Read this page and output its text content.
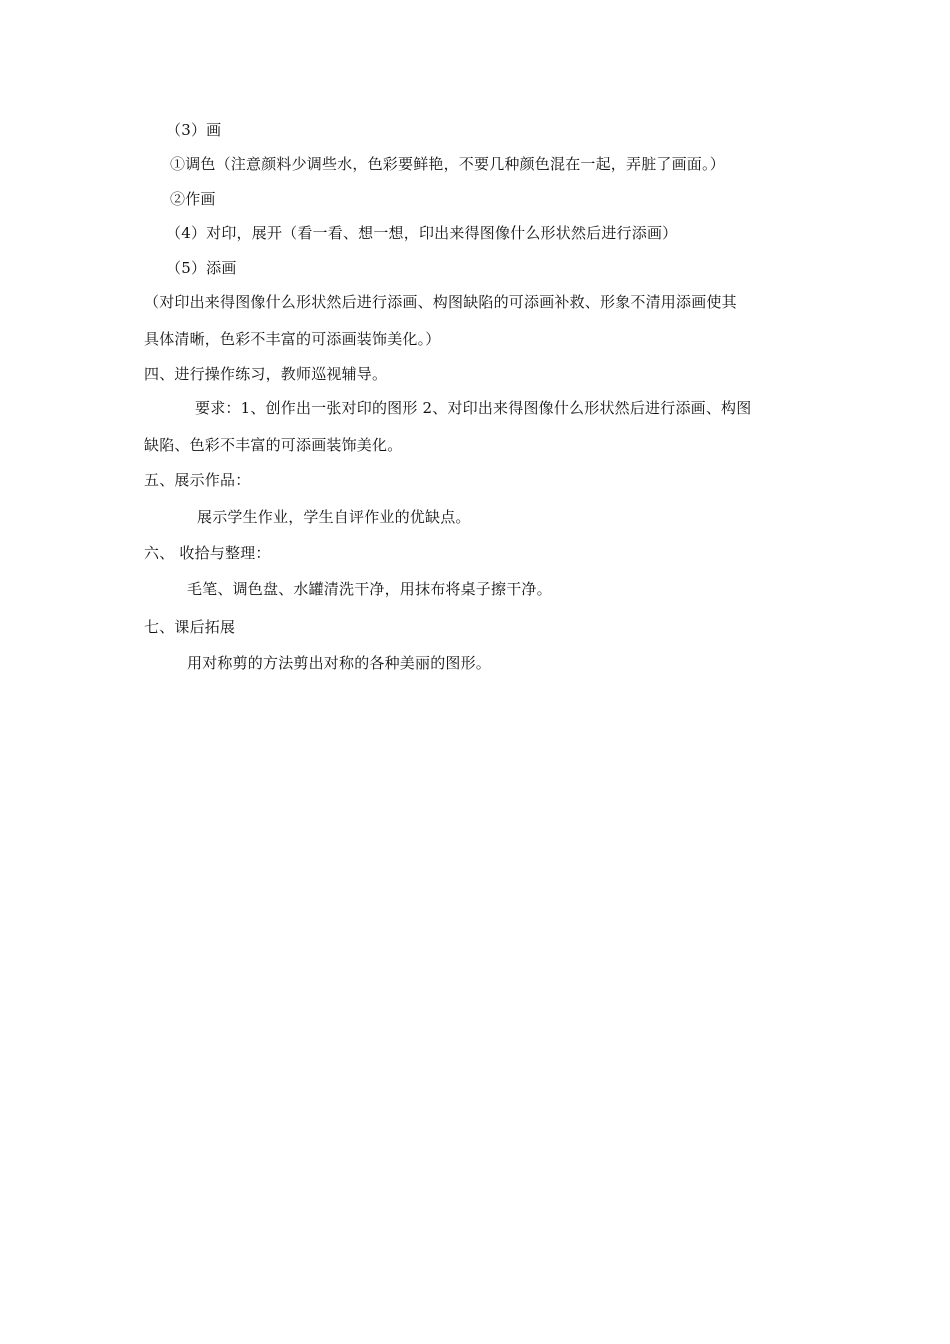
（3）画
①调色（注意颜料少调些水，色彩要鲜艳，不要几种颜色混在一起，弄脏了画面。）
②作画
（4）对印，展开（看一看、想一想，印出来得图像什么形状然后进行添画）
（5）添画
（对印出来得图像什么形状然后进行添画、构图缺陷的可添画补救、形象不清用添画使其
具体清晰，色彩不丰富的可添画装饰美化。）
四、进行操作练习，教师巡视辅导。
要求：1、创作出一张对印的图形 2、对印出来得图像什么形状然后进行添画、构图
缺陷、色彩不丰富的可添画装饰美化。
五、展示作品：
展示学生作业，学生自评作业的优缺点。
六、 收拾与整理：
毛笔、调色盘、水罐清洗干净，用抹布将桌子擦干净。
七、课后拓展
用对称剪的方法剪出对称的各种美丽的图形。
